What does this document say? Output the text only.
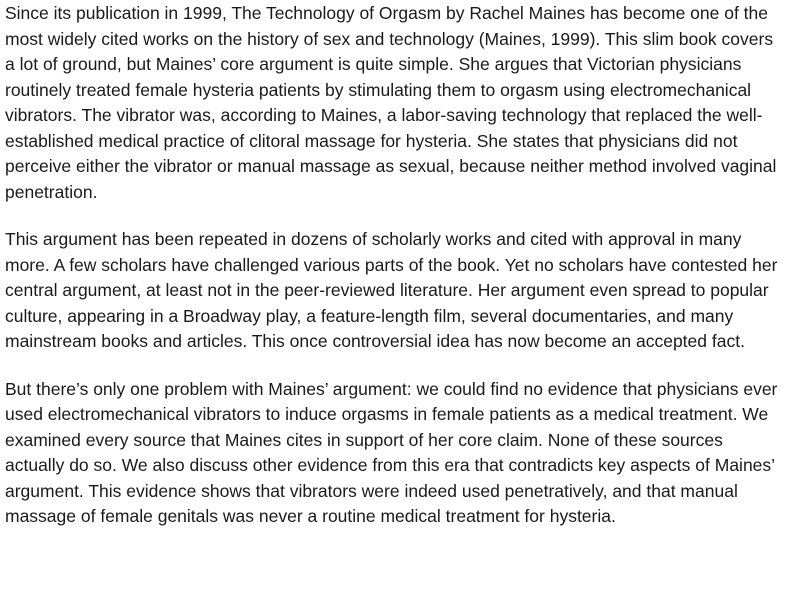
Since its publication in 1999, The Technology of Orgasm by Rachel Maines has become one of the most widely cited works on the history of sex and technology (Maines, 1999). This slim book covers a lot of ground, but Maines’ core argument is quite simple. She argues that Victorian physicians routinely treated female hysteria patients by stimulating them to orgasm using electromechanical vibrators. The vibrator was, according to Maines, a labor-saving technology that replaced the well-established medical practice of clitoral massage for hysteria. She states that physicians did not perceive either the vibrator or manual massage as sexual, because neither method involved vaginal penetration.

This argument has been repeated in dozens of scholarly works and cited with approval in many more. A few scholars have challenged various parts of the book. Yet no scholars have contested her central argument, at least not in the peer-reviewed literature. Her argument even spread to popular culture, appearing in a Broadway play, a feature-length film, several documentaries, and many mainstream books and articles. This once controversial idea has now become an accepted fact.

But there’s only one problem with Maines’ argument: we could find no evidence that physicians ever used electromechanical vibrators to induce orgasms in female patients as a medical treatment. We examined every source that Maines cites in support of her core claim. None of these sources actually do so. We also discuss other evidence from this era that contradicts key aspects of Maines’ argument. This evidence shows that vibrators were indeed used penetratively, and that manual massage of female genitals was never a routine medical treatment for hysteria.
